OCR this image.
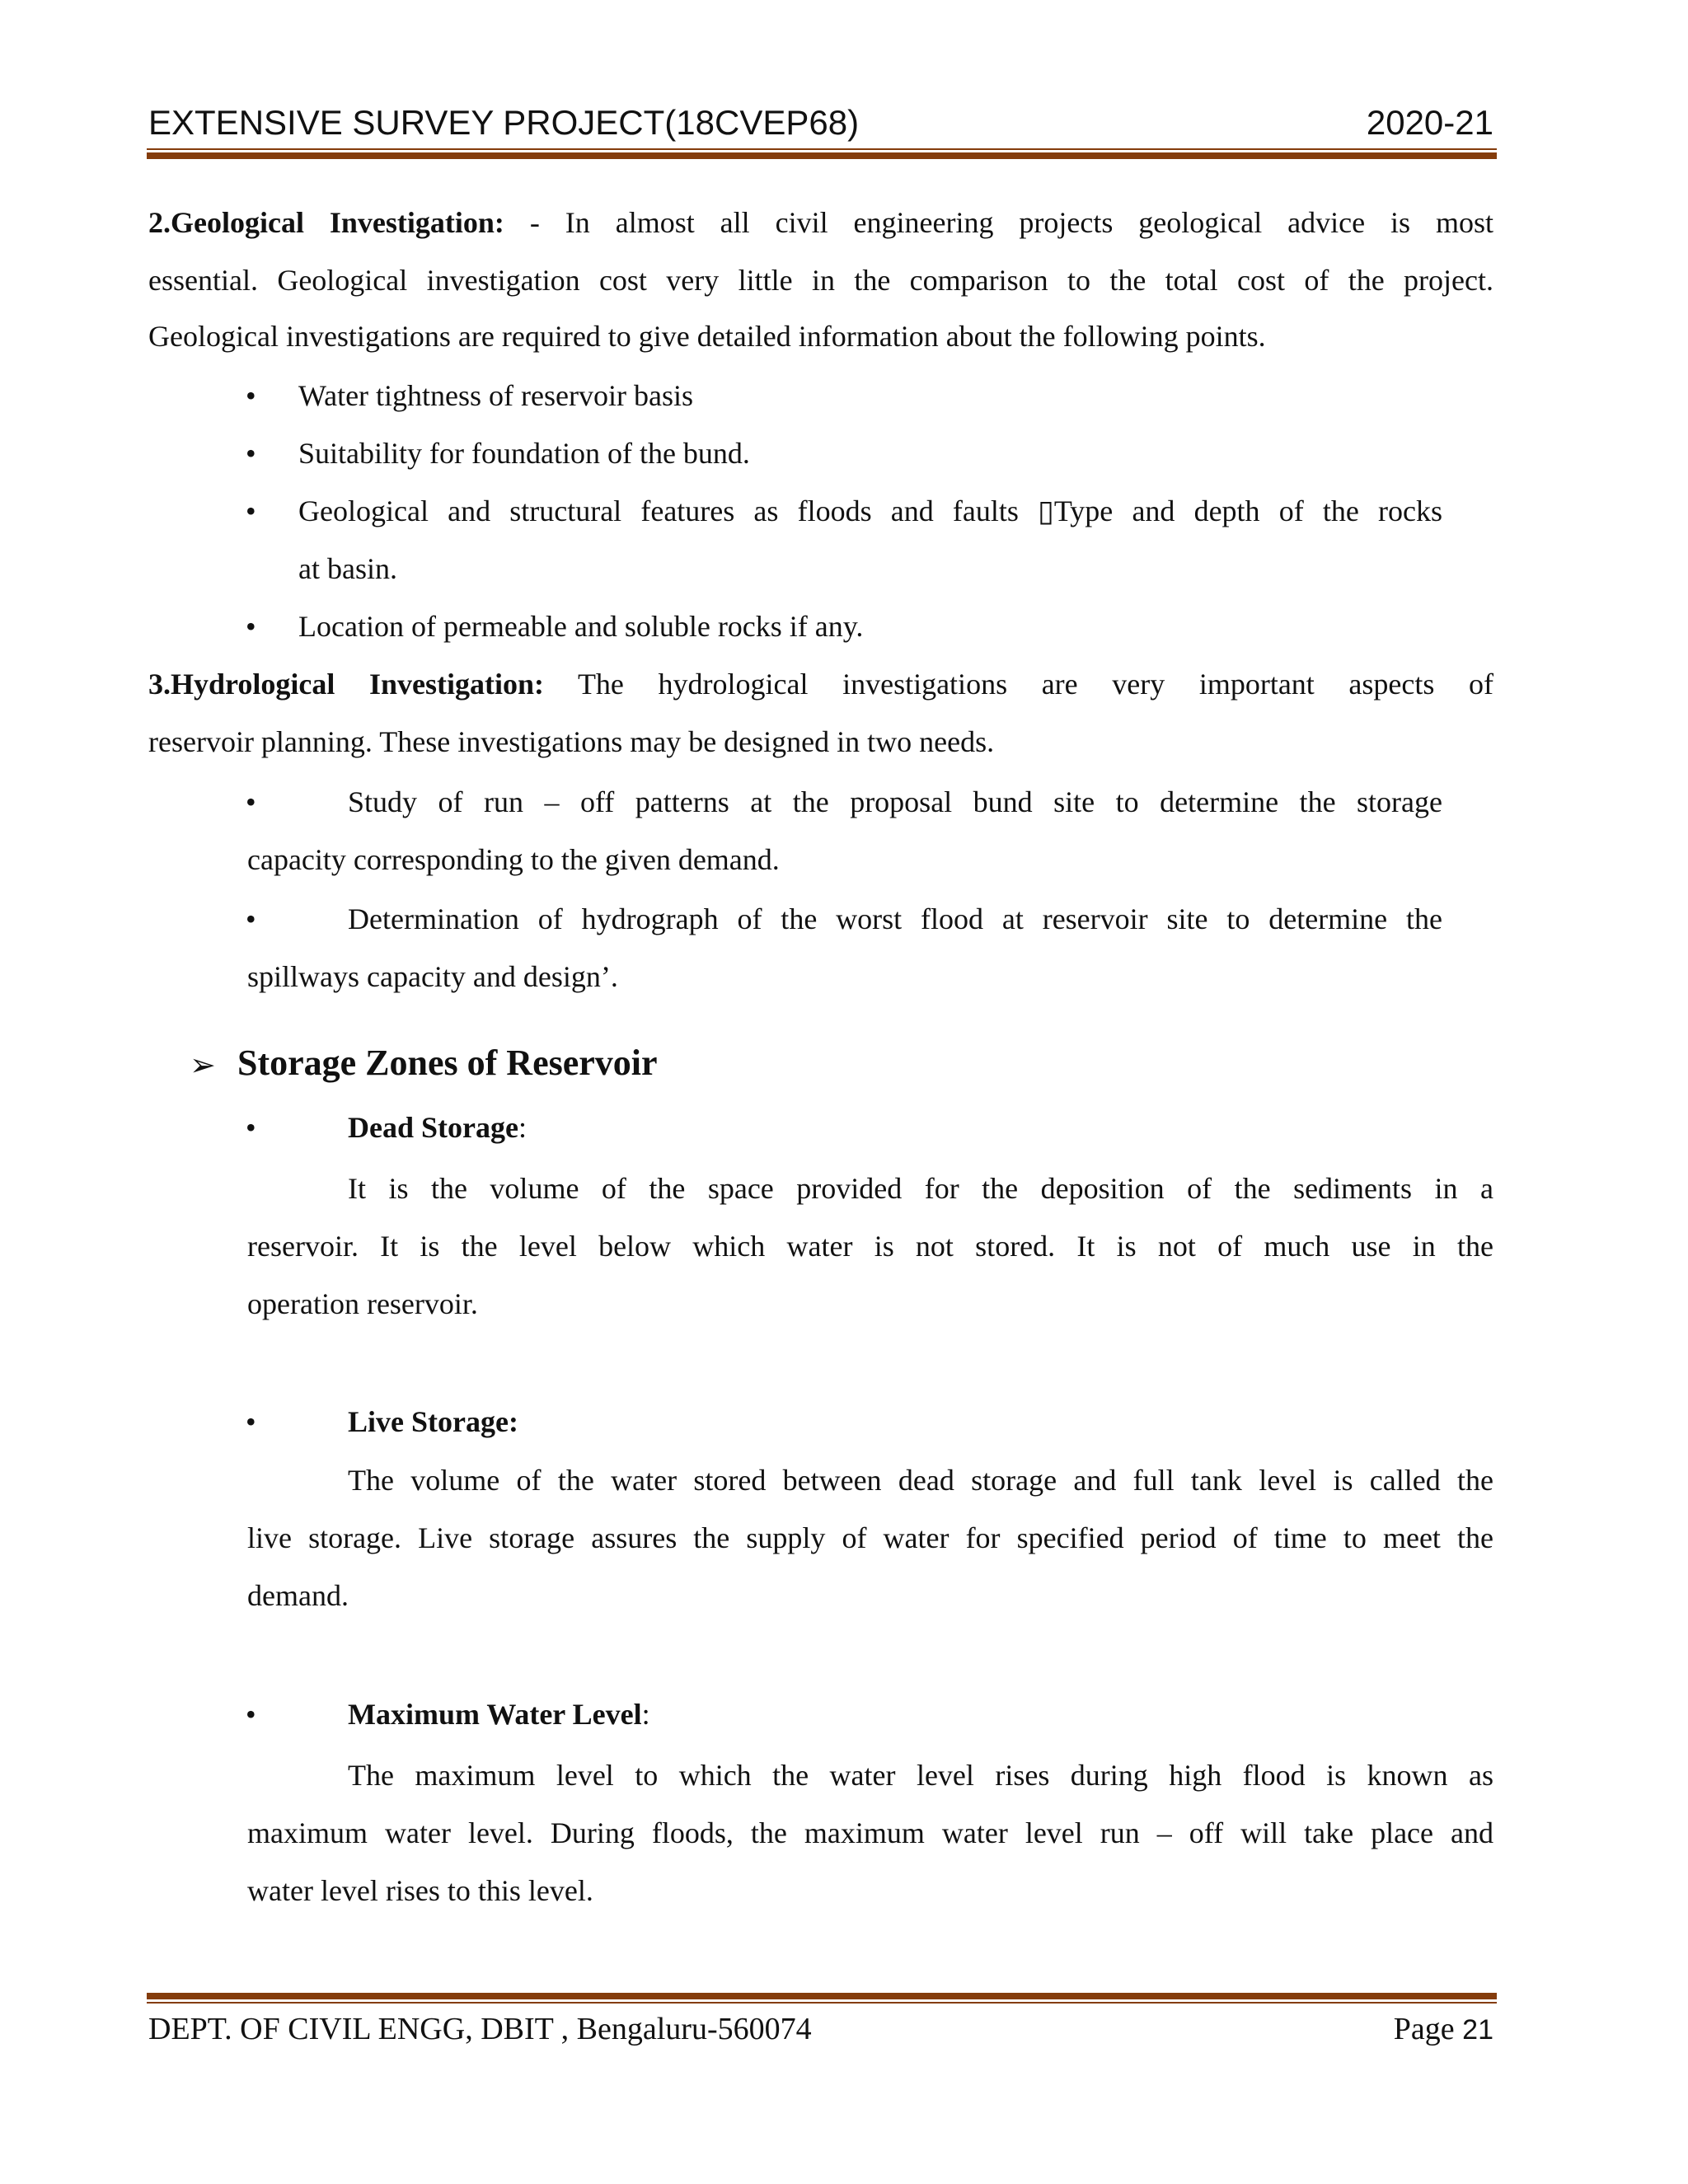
EXTENSIVE SURVEY PROJECT(18CVEP68)	2020-21
2.Geological Investigation: - In almost all civil engineering projects geological advice is most
essential. Geological investigation cost very little in the comparison to the total cost of the project.
Geological investigations are required to give detailed information about the following points.
• Water tightness of reservoir basis
• Suitability for foundation of the bund.
• Geological and structural features as floods and faults ▯Type and depth of the rocks
at basin.
• Location of permeable and soluble rocks if any.
3.Hydrological Investigation: The hydrological investigations are very important aspects of
reservoir planning. These investigations may be designed in two needs.
•	Study of run – off patterns at the proposal bund site to determine the storage
capacity corresponding to the given demand.
•	Determination of hydrograph of the worst flood at reservoir site to determine the
spillways capacity and design’.
➢ Storage Zones of Reservoir
•	Dead Storage:
It is the volume of the space provided for the deposition of the sediments in a
reservoir. It is the level below which water is not stored. It is not of much use in the
operation reservoir.
•	Live Storage:
The volume of the water stored between dead storage and full tank level is called the
live storage. Live storage assures the supply of water for specified period of time to meet the
demand.
•	Maximum Water Level:
The maximum level to which the water level rises during high flood is known as
maximum water level. During floods, the maximum water level run – off will take place and
water level rises to this level.
DEPT. OF CIVIL ENGG, DBIT , Bengaluru-560074	Page 21
